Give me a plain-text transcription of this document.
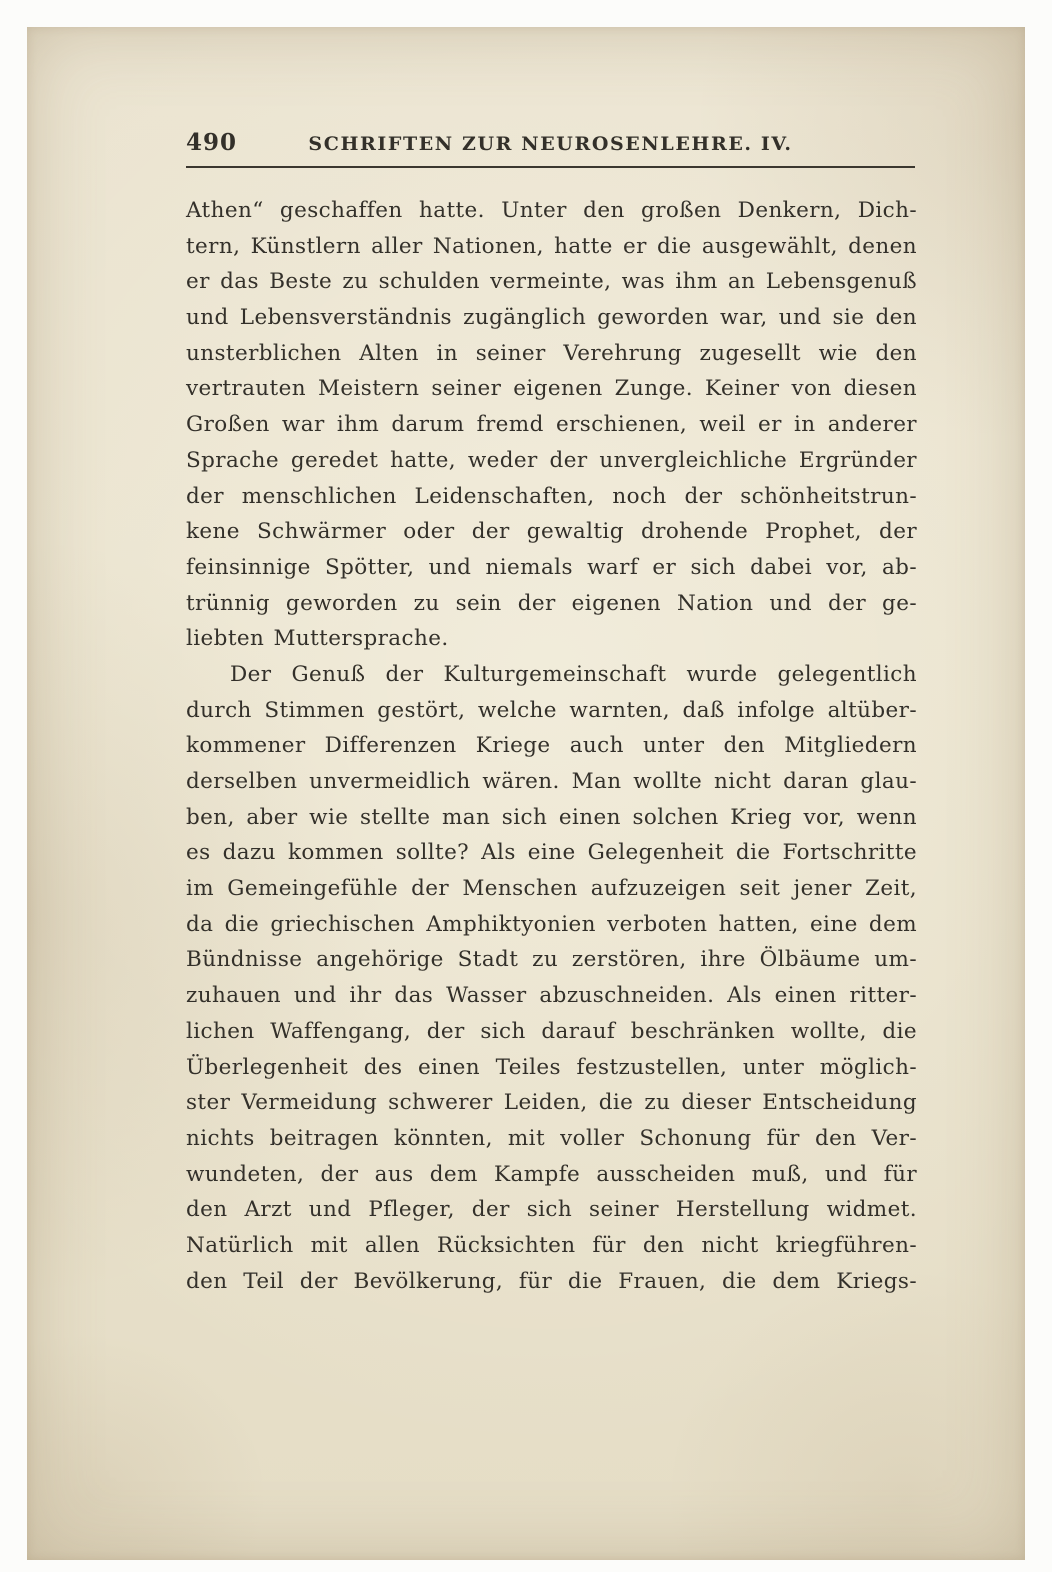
490	SCHRIFTEN ZUR NEUROSENLEHRE. IV.
Athen“ geschaffen hatte. Unter den großen Denkern, Dich-
tern, Künstlern aller Nationen, hatte er die ausgewählt, denen
er das Beste zu schulden vermeinte, was ihm an Lebensgenuß
und Lebensverständnis zugänglich geworden war, und sie den
unsterblichen Alten in seiner Verehrung zugesellt wie den
vertrauten Meistern seiner eigenen Zunge. Keiner von diesen
Großen war ihm darum fremd erschienen, weil er in anderer
Sprache geredet hatte, weder der unvergleichliche Ergründer
der menschlichen Leidenschaften, noch der schönheitstrun-
kene Schwärmer oder der gewaltig drohende Prophet, der
feinsinnige Spötter, und niemals warf er sich dabei vor, ab-
trünnig geworden zu sein der eigenen Nation und der ge-
liebten Muttersprache.
Der Genuß der Kulturgemeinschaft wurde gelegentlich
durch Stimmen gestört, welche warnten, daß infolge altüber-
kommener Differenzen Kriege auch unter den Mitgliedern
derselben unvermeidlich wären. Man wollte nicht daran glau-
ben, aber wie stellte man sich einen solchen Krieg vor, wenn
es dazu kommen sollte? Als eine Gelegenheit die Fortschritte
im Gemeingefühle der Menschen aufzuzeigen seit jener Zeit,
da die griechischen Amphiktyonien verboten hatten, eine dem
Bündnisse angehörige Stadt zu zerstören, ihre Ölbäume um-
zuhauen und ihr das Wasser abzuschneiden. Als einen ritter-
lichen Waffengang, der sich darauf beschränken wollte, die
Überlegenheit des einen Teiles festzustellen, unter möglich-
ster Vermeidung schwerer Leiden, die zu dieser Entscheidung
nichts beitragen könnten, mit voller Schonung für den Ver-
wundeten, der aus dem Kampfe ausscheiden muß, und für
den Arzt und Pfleger, der sich seiner Herstellung widmet.
Natürlich mit allen Rücksichten für den nicht kriegführen-
den Teil der Bevölkerung, für die Frauen, die dem Kriegs-
